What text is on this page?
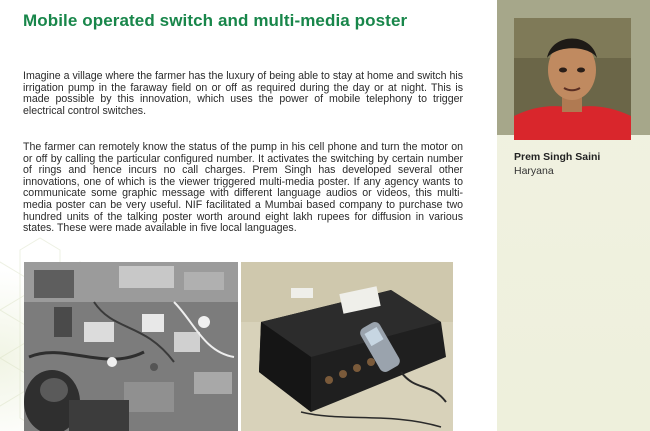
Mobile operated switch and multi-media poster

Imagine a village where the farmer has the luxury of being able to stay at home and switch his irrigation pump in the faraway field on or off as required during the day or at night. This is made possible by this innovation, which uses the power of mobile telephony to trigger electrical control switches.

The farmer can remotely know the status of the pump in his cell phone and turn the motor on or off by calling the particular configured number. It activates the switching by certain number of rings and hence incurs no call charges. Prem Singh has developed several other innovations, one of which is the viewer triggered multi-media poster. If any agency wants to communicate some graphic message with different language audios or videos, this multi-media poster can be very useful. NIF facilitated a Mumbai based company to purchase two hundred units of the talking poster worth around eight lakh rupees for diffusion in various states. These were made available in five local languages.

Prem Singh Saini

Haryana
